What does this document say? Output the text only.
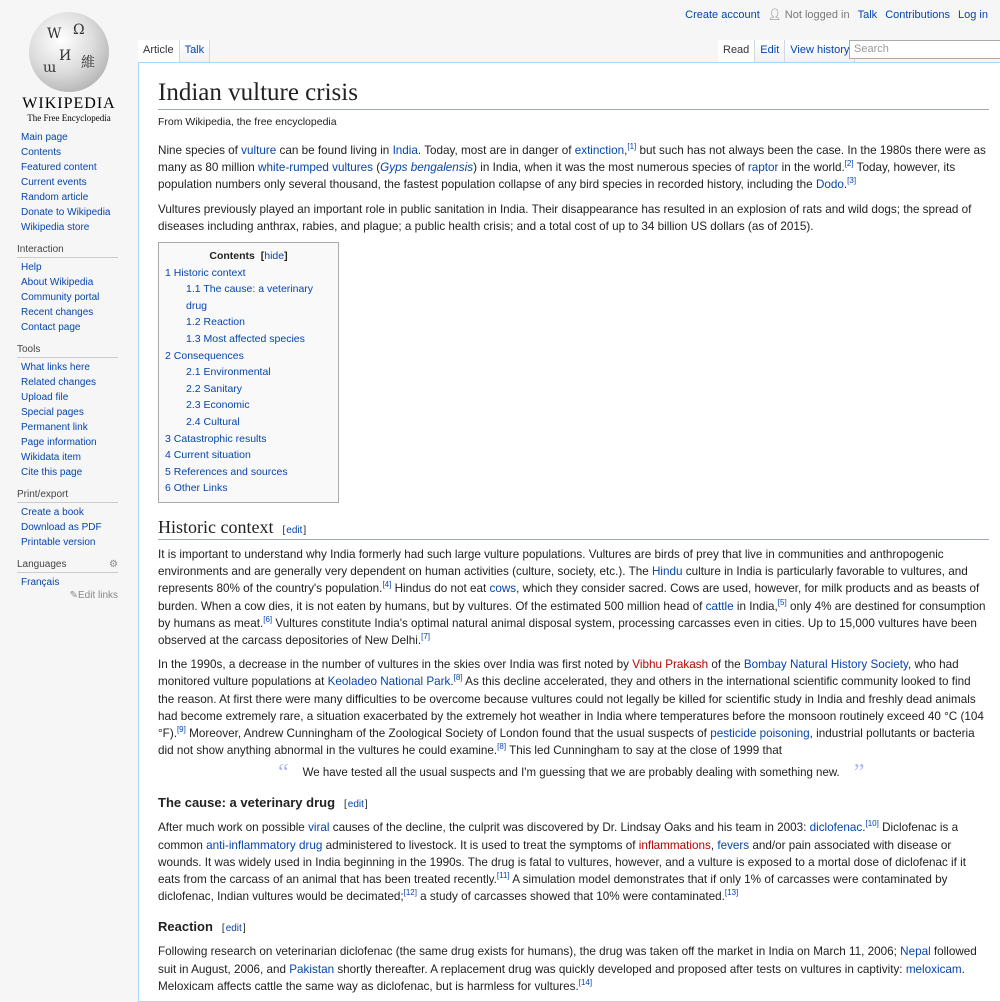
W Ω
И 維
ա
WIKIPEDIA
The Free Encyclopedia
Create account 👤︎ Not logged in Talk Contributions Log in
Article	Talk	Read	Edit	View history Search
Main page
Contents
Featured content
Current events
Random article
Donate to Wikipedia
Wikipedia store
Interaction
Help
About Wikipedia
Community portal
Recent changes
Contact page
Tools
What links here
Related changes
Upload file
Special pages
Permanent link
Page information
Wikidata item
Cite this page
Print/export
Create a book
Download as PDF
Printable version
Languages	⚙
Français
✎Edit links
Indian vulture crisis
From Wikipedia, the free encyclopedia

Nine species of vulture can be found living in India. Today, most are in danger of extinction,[1] but such has not always been the case. In the 1980s there were as many as 80 million white-rumped vultures (Gyps bengalensis) in India, when it was the most numerous species of raptor in the world.[2] Today, however, its population numbers only several thousand, the fastest population collapse of any bird species in recorded history, including the Dodo.[3]

Vultures previously played an important role in public sanitation in India. Their disappearance has resulted in an explosion of rats and wild dogs; the spread of diseases including anthrax, rabies, and plague; a public health crisis; and a total cost of up to 34 billion US dollars (as of 2015).

Contents  [hide]
1 Historic context
1.1 The cause: a veterinary drug
1.2 Reaction
1.3 Most affected species
2 Consequences
2.1 Environmental
2.2 Sanitary
2.3 Economic
2.4 Cultural
3 Catastrophic results
4 Current situation
5 References and sources
6 Other Links
Historic context [edit]

It is important to understand why India formerly had such large vulture populations. Vultures are birds of prey that live in communities and anthropogenic environments and are generally very dependent on human activities (culture, society, etc.). The Hindu culture in India is particularly favorable to vultures, and represents 80% of the country's population.[4] Hindus do not eat cows, which they consider sacred. Cows are used, however, for milk products and as beasts of burden. When a cow dies, it is not eaten by humans, but by vultures. Of the estimated 500 million head of cattle in India,[5] only 4% are destined for consumption by humans as meat.[6] Vultures constitute India's optimal natural animal disposal system, processing carcasses even in cities. Up to 15,000 vultures have been observed at the carcass depositories of New Delhi.[7]

In the 1990s, a decrease in the number of vultures in the skies over India was first noted by Vibhu Prakash of the Bombay Natural History Society, who had monitored vulture populations at Keoladeo National Park.[8] As this decline accelerated, they and others in the international scientific community looked to find the reason. At first there were many difficulties to be overcome because vultures could not legally be killed for scientific study in India and freshly dead animals had become extremely rare, a situation exacerbated by the extremely hot weather in India where temperatures before the monsoon routinely exceed 40 °C (104 °F).[9] Moreover, Andrew Cunningham of the Zoological Society of London found that the usual suspects of pesticide poisoning, industrial pollutants or bacteria did not show anything abnormal in the vultures he could examine.[8] This led Cunningham to say at the close of 1999 that

“ We have tested all the usual suspects and I'm guessing that we are probably dealing with something new. ”
The cause: a veterinary drug [edit]

After much work on possible viral causes of the decline, the culprit was discovered by Dr. Lindsay Oaks and his team in 2003: diclofenac.[10] Diclofenac is a common anti-inflammatory drug administered to livestock. It is used to treat the symptoms of inflammations, fevers and/or pain associated with disease or wounds. It was widely used in India beginning in the 1990s. The drug is fatal to vultures, however, and a vulture is exposed to a mortal dose of diclofenac if it eats from the carcass of an animal that has been treated recently.[11] A simulation model demonstrates that if only 1% of carcasses were contaminated by diclofenac, Indian vultures would be decimated;[12] a study of carcasses showed that 10% were contaminated.[13]

Reaction [edit]

Following research on veterinarian diclofenac (the same drug exists for humans), the drug was taken off the market in India on March 11, 2006; Nepal followed suit in August, 2006, and Pakistan shortly thereafter. A replacement drug was quickly developed and proposed after tests on vultures in captivity: meloxicam. Meloxicam affects cattle the same way as diclofenac, but is harmless for vultures.[14]
